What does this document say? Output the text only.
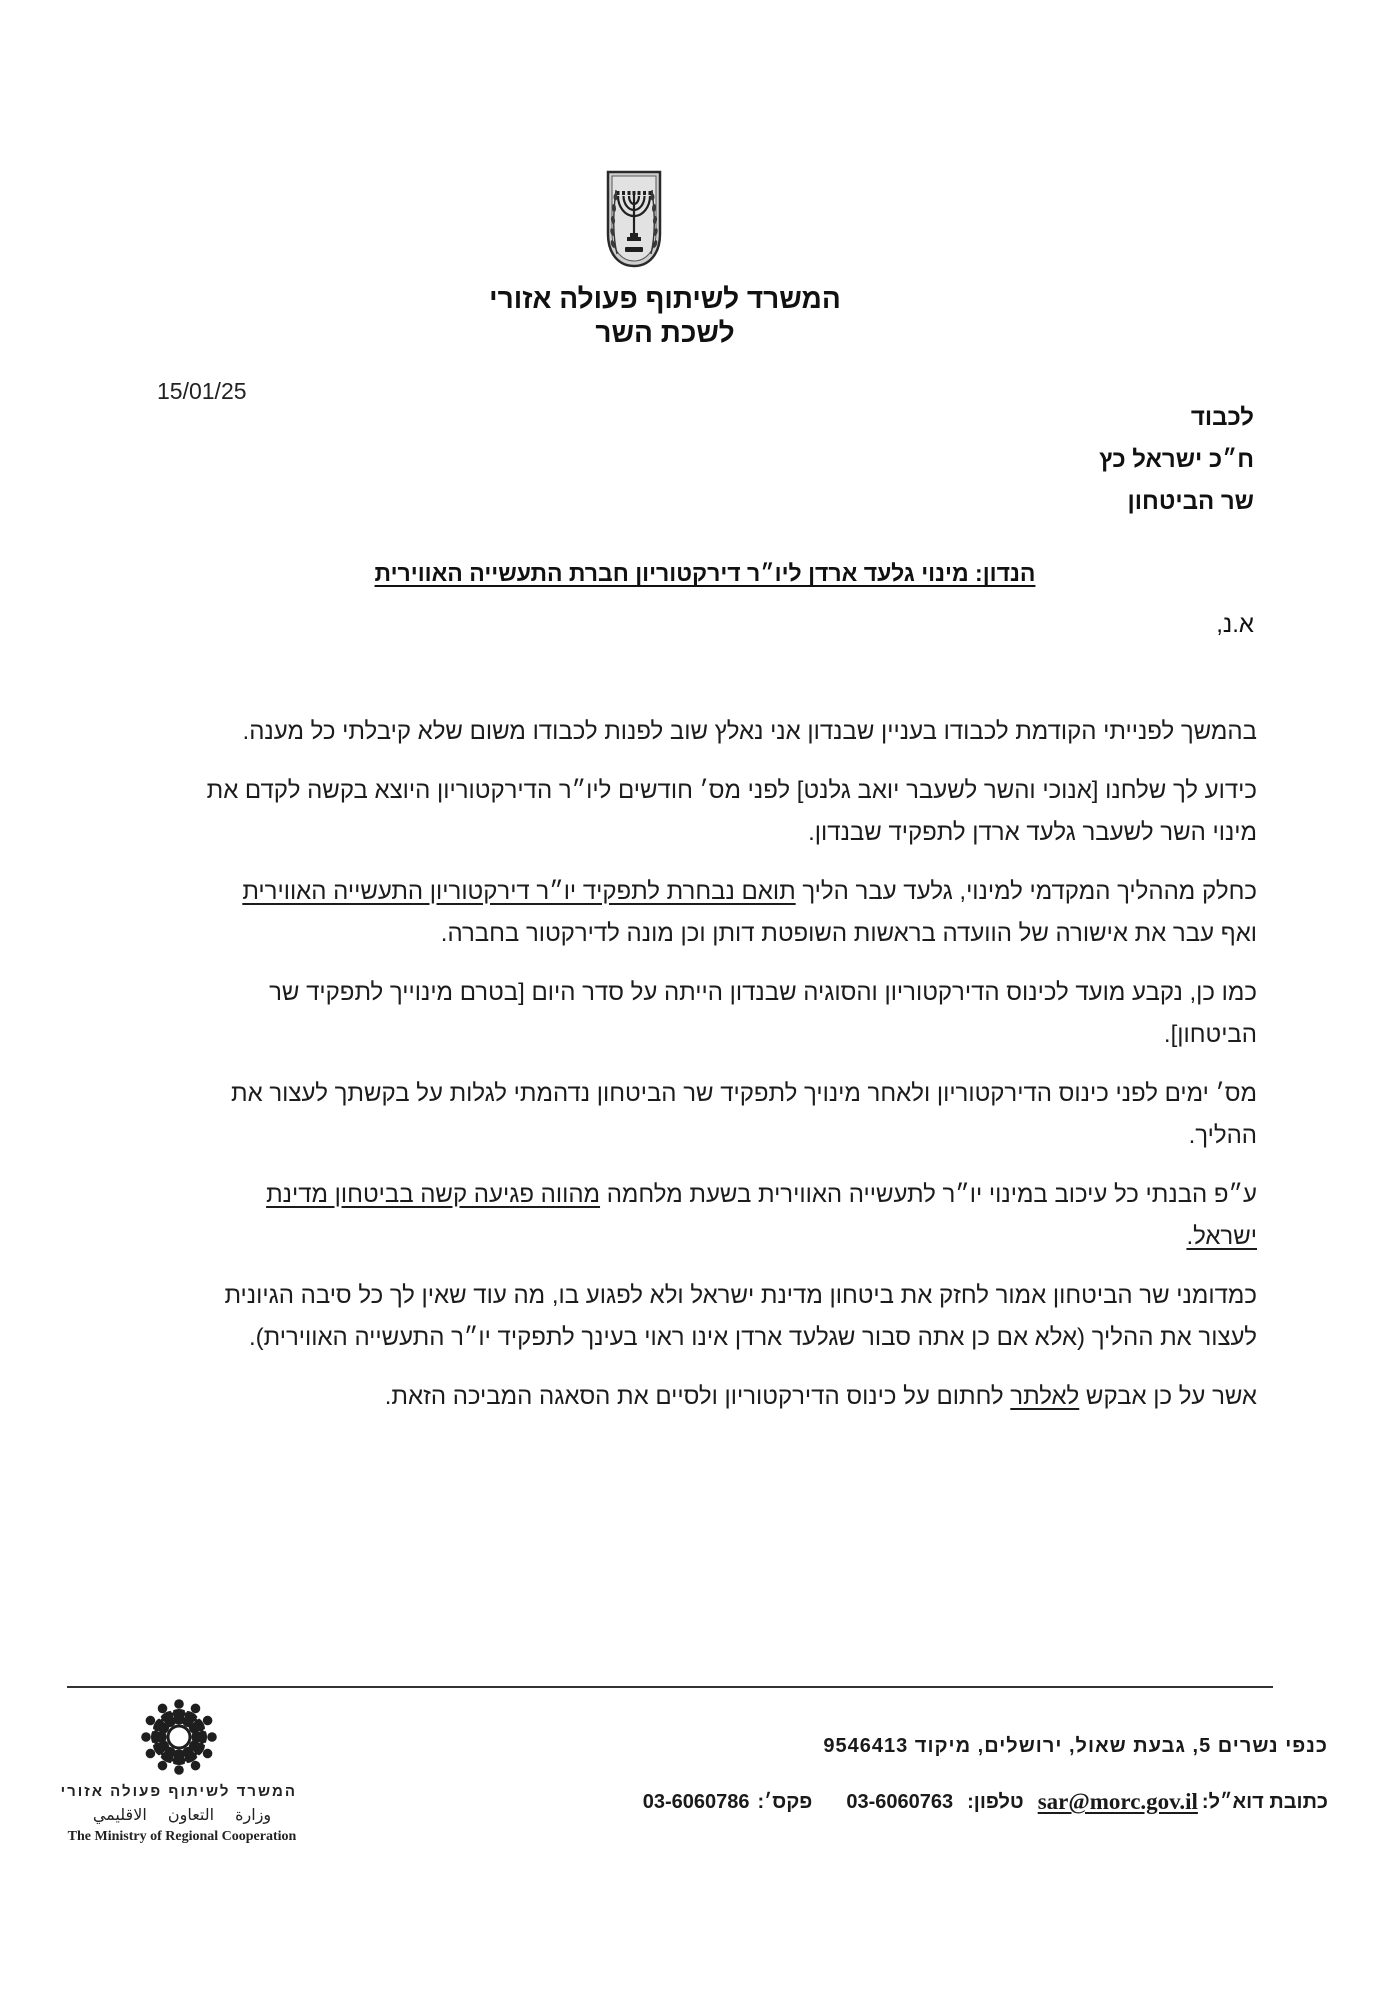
המשרד לשיתוף פעולה אזורי
לשכת השר
15/01/25
לכבוד
ח״כ ישראל כץ
שר הביטחון
הנדון: מינוי גלעד ארדן ליו״ר דירקטוריון חברת התעשייה האווירית
א.נ,
בהמשך לפנייתי הקודמת לכבודו בעניין שבנדון אני נאלץ שוב לפנות לכבודו משום שלא קיבלתי כל מענה.
כידוע לך שלחנו [אנוכי והשר לשעבר יואב גלנט] לפני מס׳ חודשים ליו״ר הדירקטוריון היוצא בקשה לקדם את
מינוי השר לשעבר גלעד ארדן לתפקיד שבנדון.
כחלק מההליך המקדמי למינוי, גלעד עבר הליך תואם נבחרת לתפקיד יו״ר דירקטוריון התעשייה האווירית
ואף עבר את אישורה של הוועדה בראשות השופטת דותן וכן מונה לדירקטור בחברה.
כמו כן, נקבע מועד לכינוס הדירקטוריון והסוגיה שבנדון הייתה על סדר היום [בטרם מינוייך לתפקיד שר
הביטחון].
מס׳ ימים לפני כינוס הדירקטוריון ולאחר מינויך לתפקיד שר הביטחון נדהמתי לגלות על בקשתך לעצור את
ההליך.
ע״פ הבנתי כל עיכוב במינוי יו״ר לתעשייה האווירית בשעת מלחמה מהווה פגיעה קשה בביטחון מדינת
ישראל.
כמדומני שר הביטחון אמור לחזק את ביטחון מדינת ישראל ולא לפגוע בו, מה עוד שאין לך כל סיבה הגיונית
לעצור את ההליך (אלא אם כן אתה סבור שגלעד ארדן אינו ראוי בעינך לתפקיד יו״ר התעשייה האווירית).
אשר על כן אבקש לאלתר לחתום על כינוס הדירקטוריון ולסיים את הסאגה המביכה הזאת.
המשרד לשיתוף פעולה אזורי
وزارة التعاون الاقليمي
The Ministry of Regional Cooperation
כנפי נשרים 5, גבעת שאול, ירושלים, מיקוד 9546413
כתובת דוא״ל:
sar@morc.gov.il
טלפון:
03-6060763
פקס׳:
03-6060786
